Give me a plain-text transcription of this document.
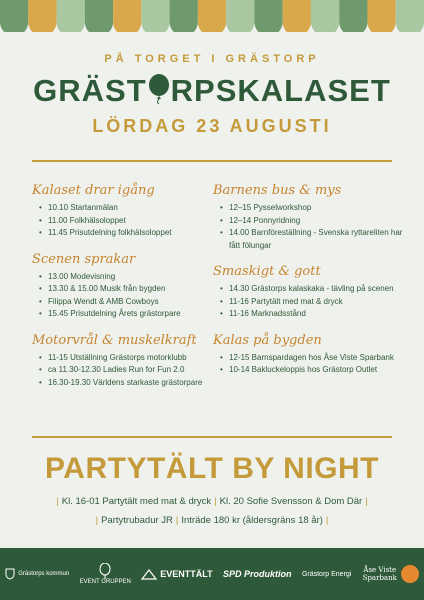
PÅ TORGET I GRÄSTORP
GRÄST RPSKALASET
LÖRDAG 23 AUGUSTI
Kalaset drar igång
• 10.10 Startanmälan
• 11.00 Folkhälsoloppet
• 11.45 Prisutdelning folkhälsoloppet
Scenen sprakar
• 13.00 Modevisning
• 13.30 & 15.00 Musik från bygden
• Filippa Wendt & AMB Cowboys
• 15.45 Prisutdelning Årets grästorpare
Motorvrål & muskelkraft
• 11-15 Utställning Grästorps motorklubb
• ca 11.30-12.30 Ladies Run for Fun 2.0
• 16.30-19.30 Världens starkaste grästorpare
Barnens bus & mys
• 12–15 Pysselworkshop
• 12–14 Ponnyridning
• 14.00 Barnföreställning - Svenska ryttareliten har fått fölungar
Smaskigt & gott
• 14.30 Grästorps kalaskaka - tävling på scenen
• 11-16 Partytält med mat & dryck
• 11-16 Marknadsstånd
Kalas på bygden
• 12-15 Barnspardagen hos Åse Viste Sparbank
• 10-14 Bakluckeloppis hos Grästorp Outlet
PARTYTÄLT BY NIGHT
| Kl. 16-01 Partytält med mat & dryck | Kl. 20 Sofie Svensson & Dom Där |
| Partytrubadur JR | Inträde 180 kr (åldersgräns 18 år) |
Grästorps kommun
EVENT GRUPPEN
EVENTTÄLT SPD Produktion Grästorp Energi Åse Viste Sparbank
